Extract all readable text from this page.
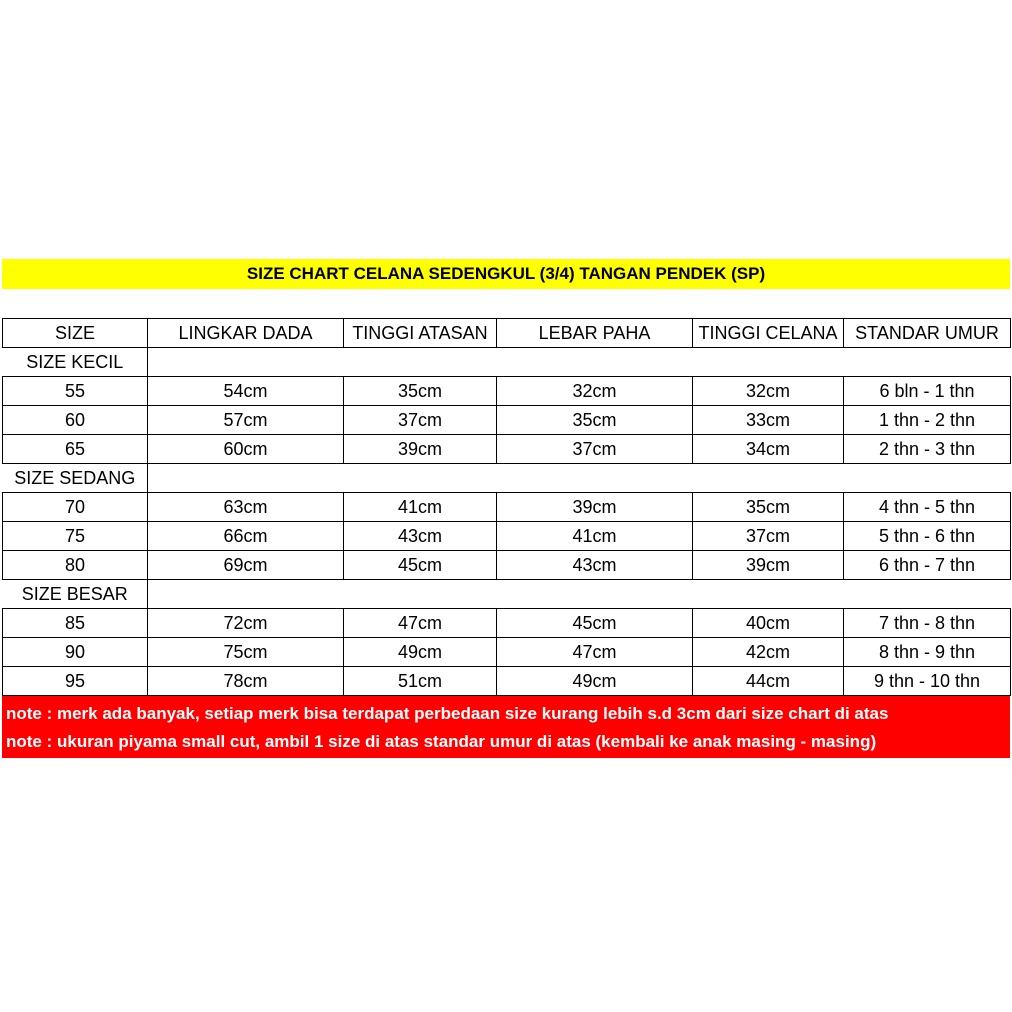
SIZE CHART CELANA SEDENGKUL (3/4) TANGAN PENDEK (SP)
SIZE	LINGKAR DADA	TINGGI ATASAN	LEBAR PAHA	TINGGI CELANA	STANDAR UMUR
SIZE KECIL					
55	54cm	35cm	32cm	32cm	6 bln - 1 thn
60	57cm	37cm	35cm	33cm	1 thn - 2 thn
65	60cm	39cm	37cm	34cm	2 thn - 3 thn
SIZE SEDANG					
70	63cm	41cm	39cm	35cm	4 thn - 5 thn
75	66cm	43cm	41cm	37cm	5 thn - 6 thn
80	69cm	45cm	43cm	39cm	6 thn - 7 thn
SIZE BESAR					
85	72cm	47cm	45cm	40cm	7 thn - 8 thn
90	75cm	49cm	47cm	42cm	8 thn - 9 thn
95	78cm	51cm	49cm	44cm	9 thn - 10 thn
note : merk ada banyak, setiap merk bisa terdapat perbedaan size kurang lebih s.d 3cm dari size chart di atas
note : ukuran piyama small cut, ambil 1 size di atas standar umur di atas (kembali ke anak masing - masing)
